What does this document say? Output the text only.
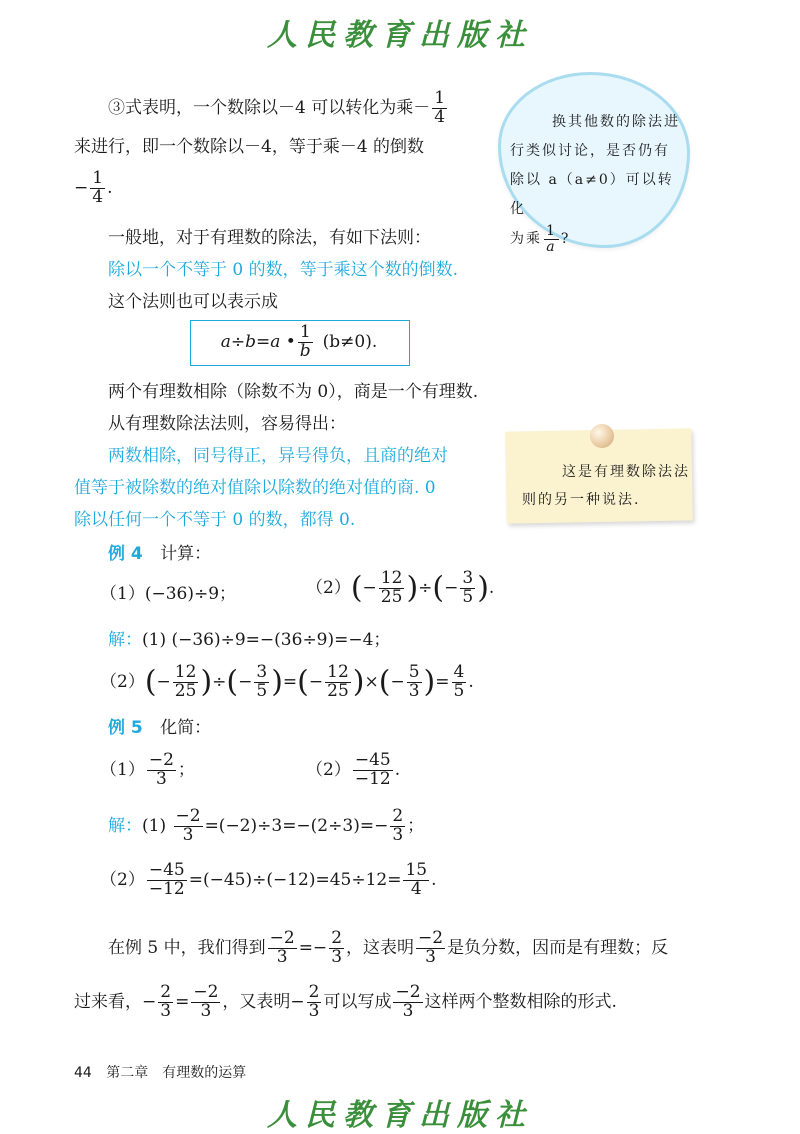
人民教育出版社
③式表明，一个数除以－4 可以转化为乘－ $\frac{1}{4}$
来进行，即一个数除以－4，等于乘－4 的倒数
− $\frac{1}{4}$ .
一般地，对于有理数的除法，有如下法则：
除以一个不等于 0 的数，等于乘这个数的倒数.
这个法则也可以表示成
a÷b=a • $\frac{1}{b} (b\ne 0)$.
两个有理数相除（除数不为 0），商是一个有理数.
从有理数除法法则，容易得出：
两数相除，同号得正，异号得负，且商的绝对
值等于被除数的绝对值除以除数的绝对值的商. 0
除以任何一个不等于 0 的数，都得 0.
例 4 计算：
（1）(−36)÷9；	$(2)(- \frac{12}{25}$ )÷(− $\frac{3}{5}$ ).
解：(1) (−36)÷9=−(36÷9)=−4；
$(2)(- \frac{12}{25}$ )÷(− $\frac{3}{5}$ )=(− $\frac{12}{25}$ )×(− $\frac{5}{3}$ )= $\frac{4}{5}$ .
例 5 化简：
$(1) \frac{-2}{3}$ ；	$(2) \frac{-45}{-12}$ .
解：$(1) \frac{-2}{3} =(-2)\div 3=-(2\div 3)=- \frac{2}{3}$ ；
$(2) \frac{-45}{-12} =(-45)\div(-12)=45\div 12= \frac{15}{4}$ .
在例 5 中，我们得到 $\frac{-2}{3} =- \frac{2}{3}$ ，这表明 $\frac{-2}{3}$ 是负分数，因而是有理数；反
过来看，− $\frac{2}{3} = \frac{-2}{3}$ ，又表明− $\frac{2}{3}$ 可以写成 $\frac{-2}{3}$ 这样两个整数相除的形式.
换其他数的除法进
行类似讨论，是否仍有
除以 a（a≠0）可以转化
为乘 $\frac{1}{a}$ ?
这是有理数除法法
则的另一种说法.
44 第二章　有理数的运算
人民教育出版社
